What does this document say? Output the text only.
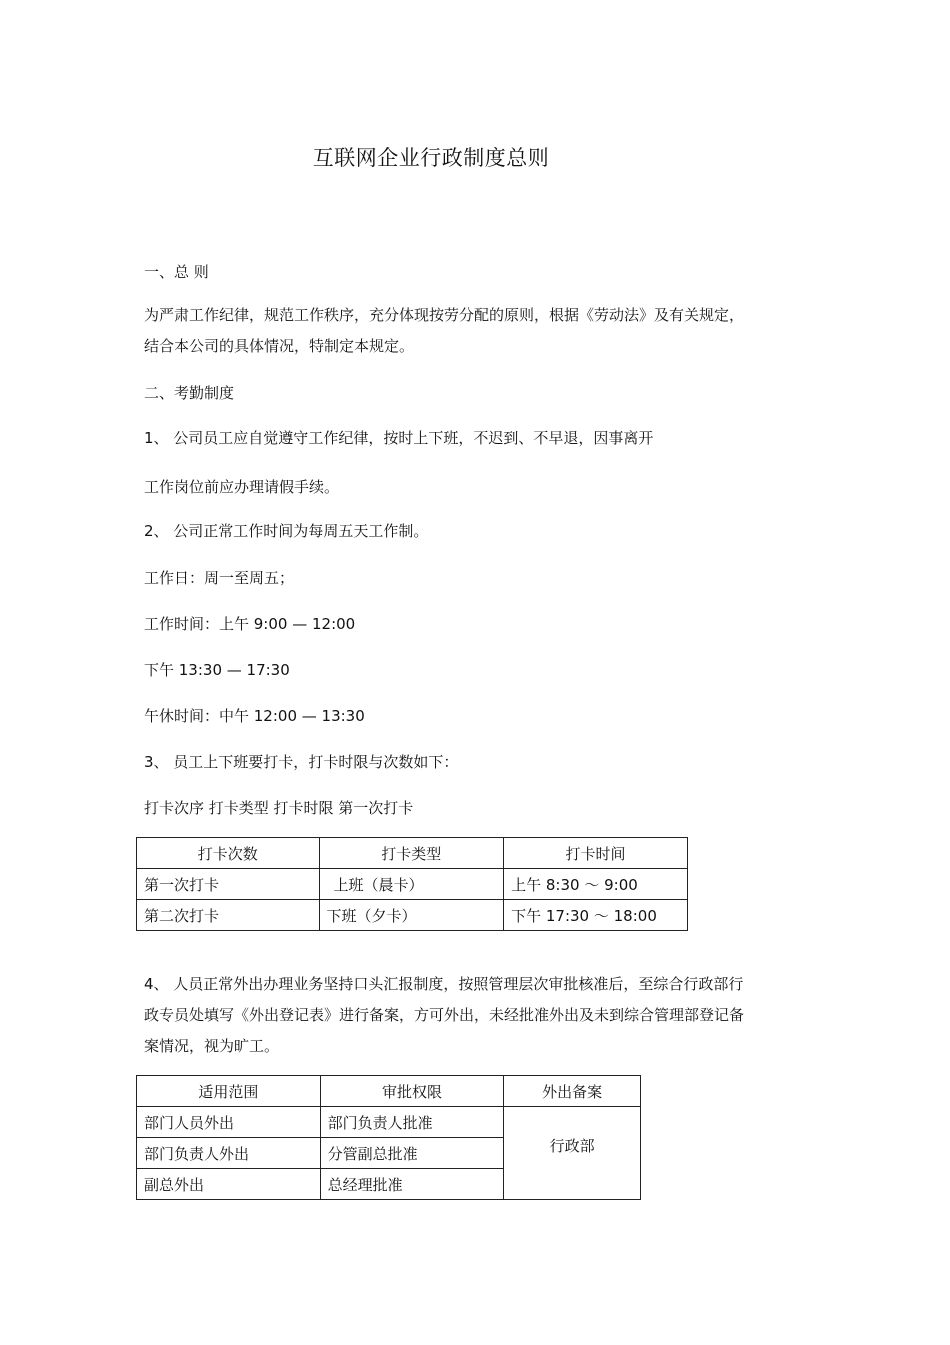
互联网企业行政制度总则
一、总 则
为严肃工作纪律，规范工作秩序，充分体现按劳分配的原则，根据《劳动法》及有关规定，结合本公司的具体情况，特制定本规定。
二、考勤制度
1、 公司员工应自觉遵守工作纪律，按时上下班，不迟到、不早退，因事离开
工作岗位前应办理请假手续。
2、 公司正常工作时间为每周五天工作制。
工作日：周一至周五；
工作时间：上午 9:00 — 12:00
下午 13:30 — 17:30
午休时间：中午 12:00 — 13:30
3、 员工上下班要打卡，打卡时限与次数如下：
打卡次序 打卡类型 打卡时限 第一次打卡
打卡次数	打卡类型	打卡时间
第一次打卡	上班（晨卡）	上午 8:30 ～ 9:00
第二次打卡	下班（夕卡）	下午 17:30 ～ 18:00
4、 人员正常外出办理业务坚持口头汇报制度，按照管理层次审批核准后，至综合行政部行政专员处填写《外出登记表》进行备案，方可外出，未经批准外出及未到综合管理部登记备案情况，视为旷工。
适用范围	审批权限	外出备案
部门人员外出	部门负责人批准	行政部
部门负责人外出	分管副总批准	
副总外出	总经理批准	
